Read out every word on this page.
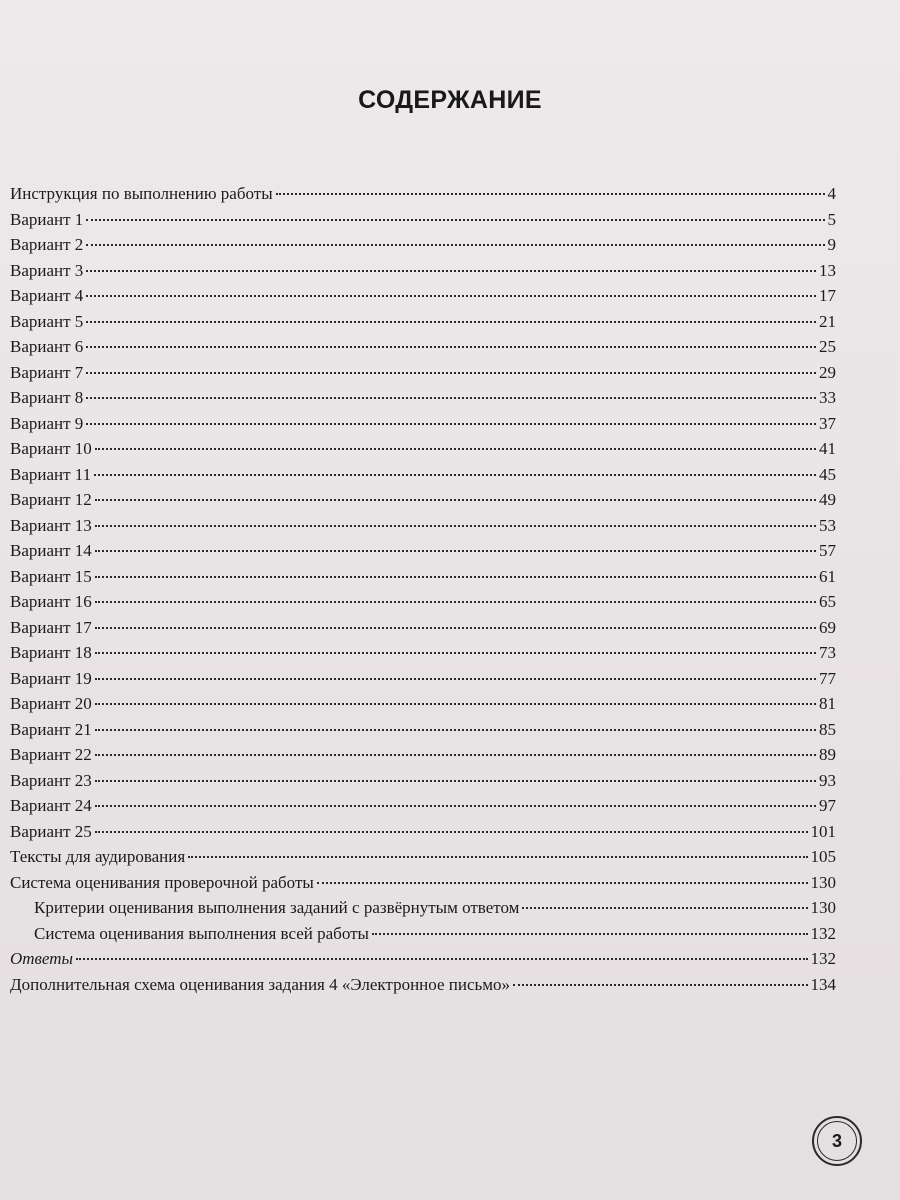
СОДЕРЖАНИЕ
Инструкция по выполнению работы	4
Вариант 1	5
Вариант 2	9
Вариант 3	13
Вариант 4	17
Вариант 5	21
Вариант 6	25
Вариант 7	29
Вариант 8	33
Вариант 9	37
Вариант 10	41
Вариант 11	45
Вариант 12	49
Вариант 13	53
Вариант 14	57
Вариант 15	61
Вариант 16	65
Вариант 17	69
Вариант 18	73
Вариант 19	77
Вариант 20	81
Вариант 21	85
Вариант 22	89
Вариант 23	93
Вариант 24	97
Вариант 25	101
Тексты для аудирования	105
Система оценивания проверочной работы	130
Критерии оценивания выполнения заданий с развёрнутым ответом	130
Система оценивания выполнения всей работы	132
Ответы	132
Дополнительная схема оценивания задания 4 «Электронное письмо»	134
3
